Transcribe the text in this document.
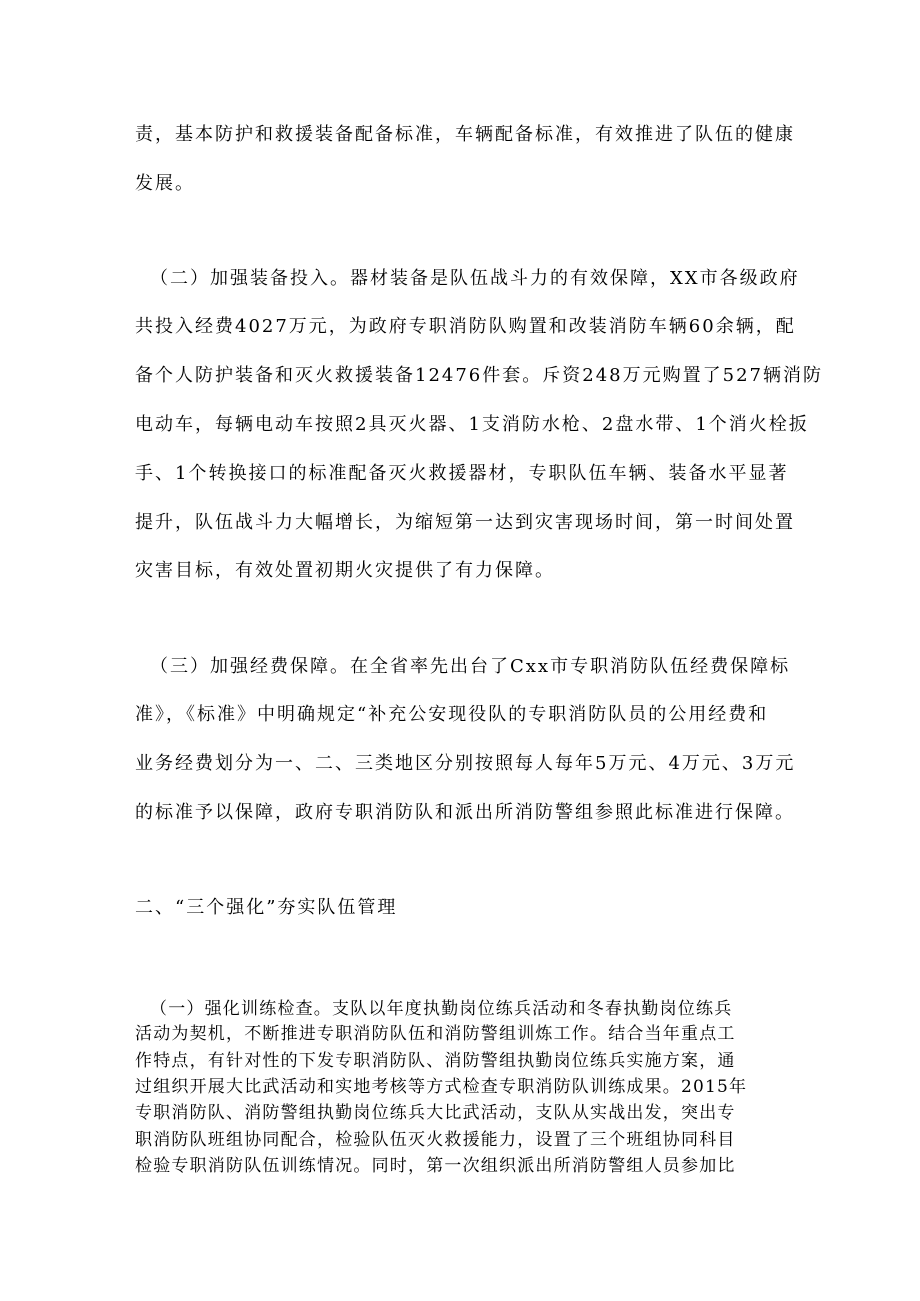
责，基本防护和救援装备配备标准，车辆配备标准，有效推进了队伍的健康
发展。
（二）加强装备投入。器材装备是队伍战斗力的有效保障，XX市各级政府
共投入经费4027万元，为政府专职消防队购置和改装消防车辆60余辆，配
备个人防护装备和灭火救援装备12476件套。斥资248万元购置了527辆消防
电动车，每辆电动车按照2具灭火器、1支消防水枪、2盘水带、1个消火栓扳
手、1个转换接口的标准配备灭火救援器材，专职队伍车辆、装备水平显著
提升，队伍战斗力大幅增长，为缩短第一达到灾害现场时间，第一时间处置
灾害目标，有效处置初期火灾提供了有力保障。
（三）加强经费保障。在全省率先出台了Cxx市专职消防队伍经费保障标
准》，《标准》中明确规定“补充公安现役队的专职消防队员的公用经费和
业务经费划分为一、二、三类地区分别按照每人每年5万元、4万元、3万元
的标准予以保障，政府专职消防队和派出所消防警组参照此标准进行保障。
二、“三个强化”夯实队伍管理
（一）强化训练检查。支队以年度执勤岗位练兵活动和冬春执勤岗位练兵
活动为契机，不断推进专职消防队伍和消防警组训炼工作。结合当年重点工
作特点，有针对性的下发专职消防队、消防警组执勤岗位练兵实施方案，通
过组织开展大比武活动和实地考核等方式检查专职消防队训练成果。2015年
专职消防队、消防警组执勤岗位练兵大比武活动，支队从实战出发，突出专
职消防队班组协同配合，检验队伍灭火救援能力，设置了三个班组协同科目
检验专职消防队伍训练情况。同时，第一次组织派出所消防警组人员参加比
